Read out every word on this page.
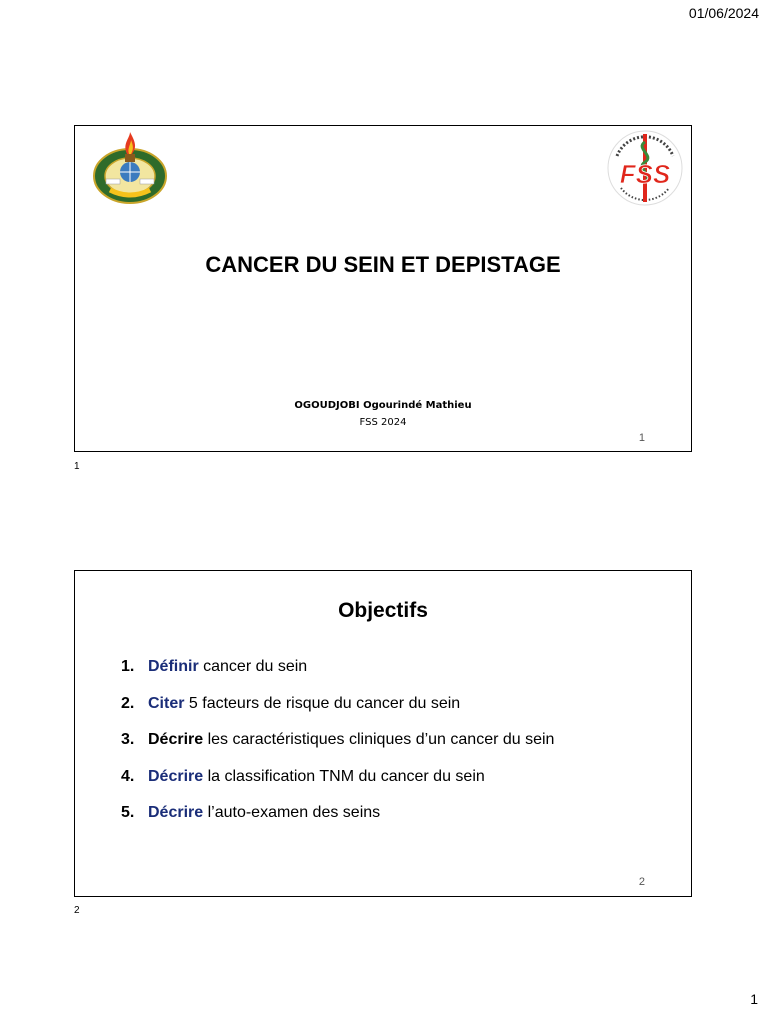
01/06/2024
FSS
CANCER DU SEIN ET DEPISTAGE
OGOUDJOBI Ogourindé Mathieu
FSS 2024
1
1
Objectifs
1. Définir cancer du sein
2. Citer 5 facteurs de risque du cancer du sein
3. Décrire les caractéristiques cliniques d’un cancer du sein
4. Décrire la classification TNM du cancer du sein
5. Décrire l’auto-examen des seins
2
2
1
